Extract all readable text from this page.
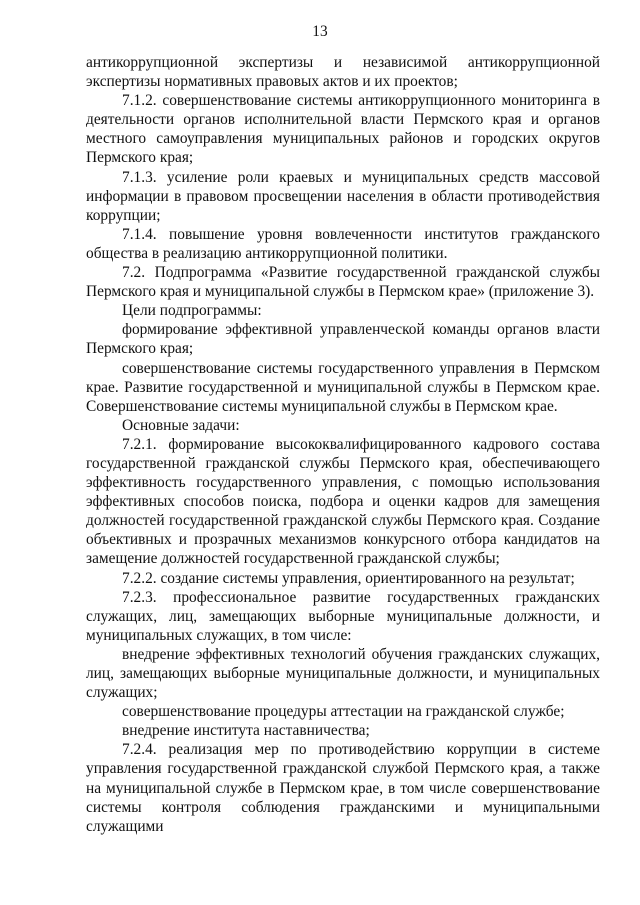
13

антикоррупционной экспертизы и независимой антикоррупционной экспертизы нормативных правовых актов и их проектов;

7.1.2. совершенствование системы антикоррупционного мониторинга в деятельности органов исполнительной власти Пермского края и органов местного самоуправления муниципальных районов и городских округов Пермского края;

7.1.3. усиление роли краевых и муниципальных средств массовой информации в правовом просвещении населения в области противодействия коррупции;

7.1.4. повышение уровня вовлеченности институтов гражданского общества в реализацию антикоррупционной политики.

7.2. Подпрограмма «Развитие государственной гражданской службы Пермского края и муниципальной службы в Пермском крае» (приложение 3).

Цели подпрограммы:

формирование эффективной управленческой команды органов власти Пермского края;

совершенствование системы государственного управления в Пермском крае. Развитие государственной и муниципальной службы в Пермском крае. Совершенствование системы муниципальной службы в Пермском крае.

Основные задачи:

7.2.1. формирование высококвалифицированного кадрового состава государственной гражданской службы Пермского края, обеспечивающего эффективность государственного управления, с помощью использования эффективных способов поиска, подбора и оценки кадров для замещения должностей государственной гражданской службы Пермского края. Создание объективных и прозрачных механизмов конкурсного отбора кандидатов на замещение должностей государственной гражданской службы;

7.2.2. создание системы управления, ориентированного на результат;

7.2.3. профессиональное развитие государственных гражданских служащих, лиц, замещающих выборные муниципальные должности, и муниципальных служащих, в том числе:

внедрение эффективных технологий обучения гражданских служащих, лиц, замещающих выборные муниципальные должности, и муниципальных служащих;

совершенствование процедуры аттестации на гражданской службе;

внедрение института наставничества;

7.2.4. реализация мер по противодействию коррупции в системе управления государственной гражданской службой Пермского края, а также на муниципальной службе в Пермском крае, в том числе совершенствование системы контроля соблюдения гражданскими и муниципальными служащими
